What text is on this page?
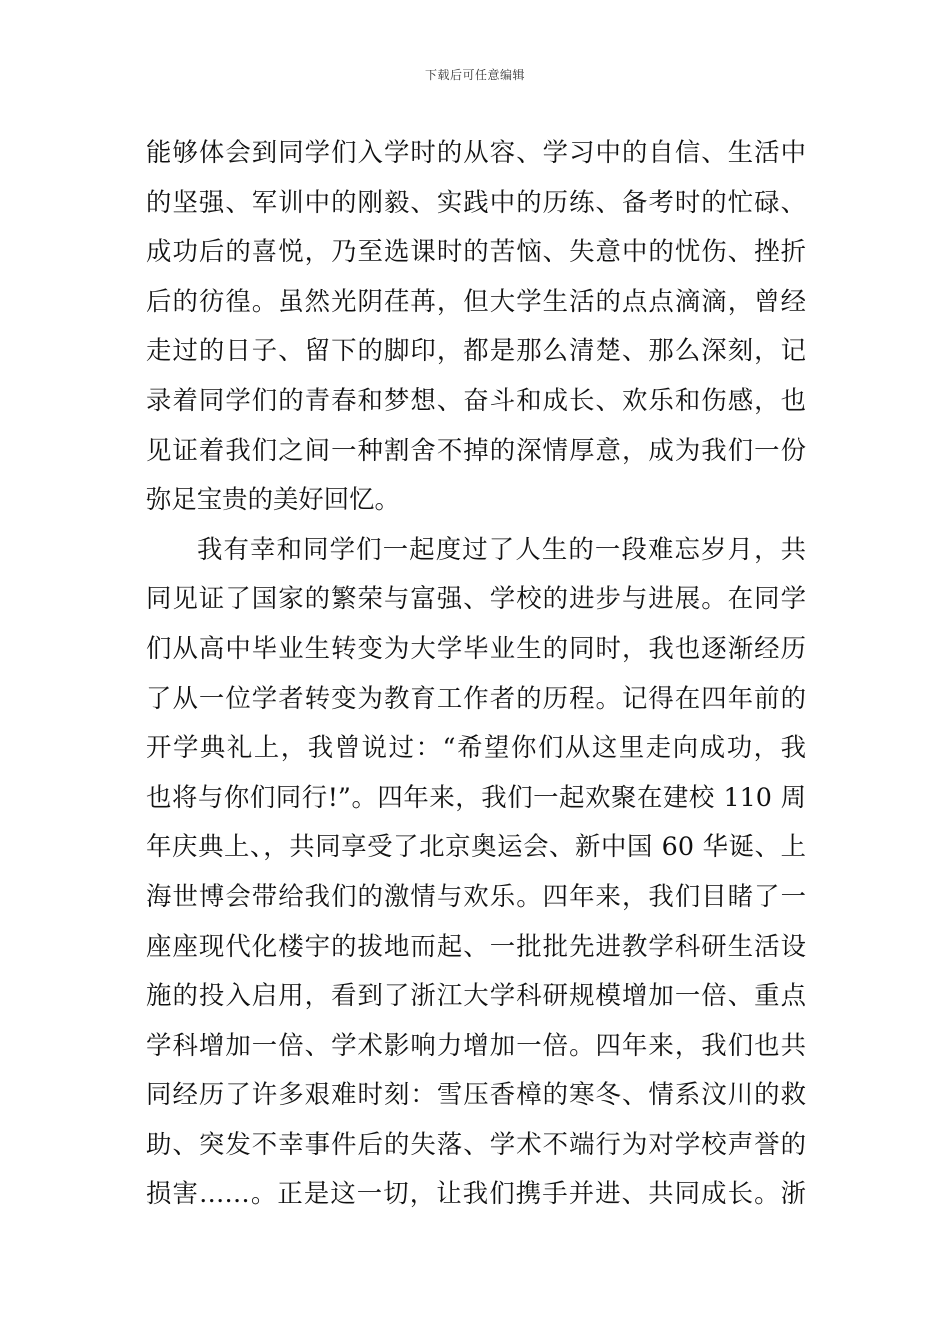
下载后可任意编辑
能够体会到同学们入学时的从容、学习中的自信、生活中
的坚强、军训中的刚毅、实践中的历练、备考时的忙碌、
成功后的喜悦，乃至选课时的苦恼、失意中的忧伤、挫折
后的彷徨。虽然光阴荏苒，但大学生活的点点滴滴，曾经
走过的日子、留下的脚印，都是那么清楚、那么深刻，记
录着同学们的青春和梦想、奋斗和成长、欢乐和伤感，也
见证着我们之间一种割舍不掉的深情厚意，成为我们一份
弥足宝贵的美好回忆。
我有幸和同学们一起度过了人生的一段难忘岁月，共
同见证了国家的繁荣与富强、学校的进步与进展。在同学
们从高中毕业生转变为大学毕业生的同时，我也逐渐经历
了从一位学者转变为教育工作者的历程。记得在四年前的
开学典礼上，我曾说过：“希望你们从这里走向成功，我
也将与你们同行!”。四年来，我们一起欢聚在建校 110 周
年庆典上、，共同享受了北京奥运会、新中国 60 华诞、上
海世博会带给我们的激情与欢乐。四年来，我们目睹了一
座座现代化楼宇的拔地而起、一批批先进教学科研生活设
施的投入启用，看到了浙江大学科研规模增加一倍、重点
学科增加一倍、学术影响力增加一倍。四年来，我们也共
同经历了许多艰难时刻：雪压香樟的寒冬、情系汶川的救
助、突发不幸事件后的失落、学术不端行为对学校声誉的
损害……。正是这一切，让我们携手并进、共同成长。浙
